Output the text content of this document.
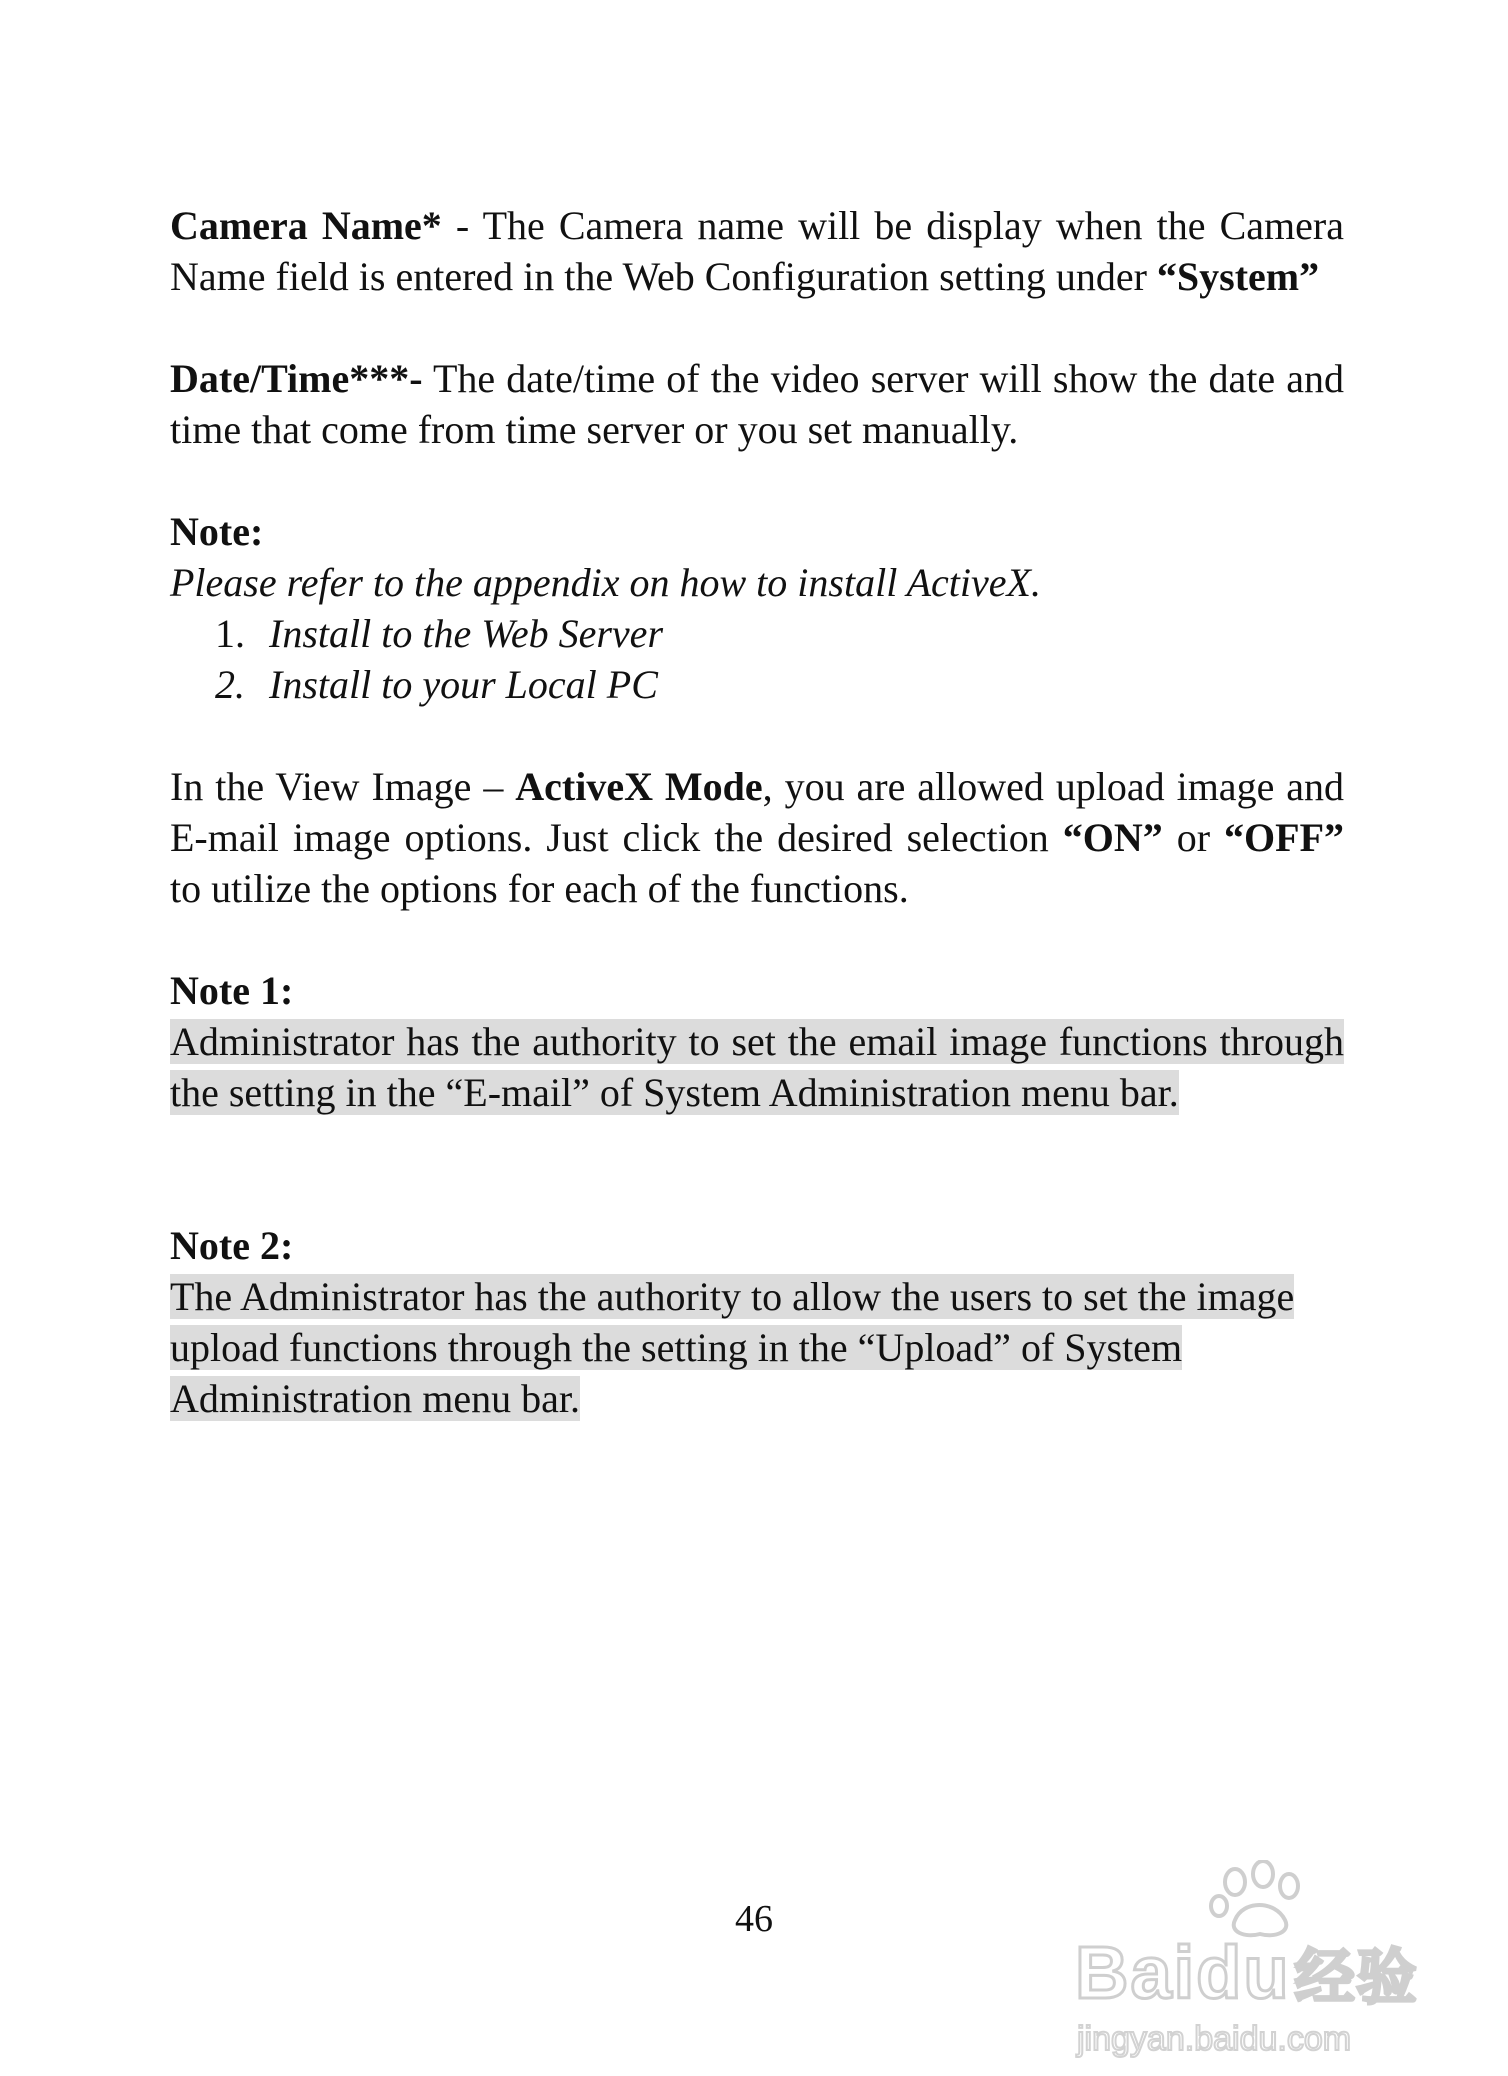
Camera Name* - The Camera name will be display when the Camera Name field is entered in the Web Configuration setting under “System”

Date/Time***- The date/time of the video server will show the date and time that come from time server or you set manually.

Note:

Please refer to the appendix on how to install ActiveX.

1. Install to the Web Server
2. Install to your Local PC

In the View Image – ActiveX Mode, you are allowed upload image and E-mail image options. Just click the desired selection “ON” or “OFF” to utilize the options for each of the functions.

Note 1:

Administrator has the authority to set the email image functions through the setting in the “E-mail” of System Administration menu bar.

Note 2:

The Administrator has the authority to allow the users to set the image upload functions through the setting in the “Upload” of System Administration menu bar.

46
Baidu经验
jingyan.baidu.com
